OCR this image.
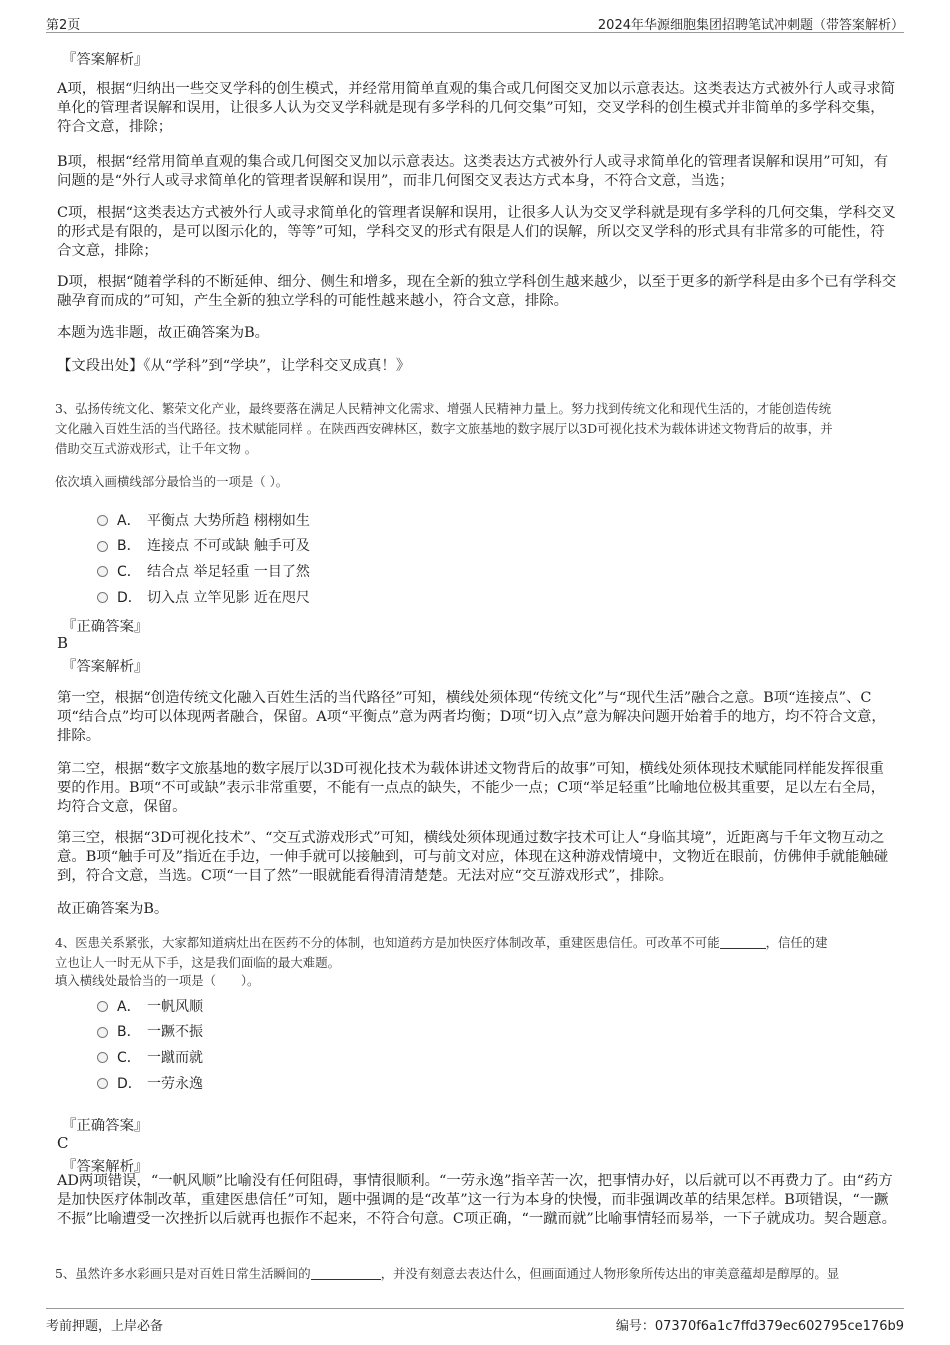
第2页	2024年华源细胞集团招聘笔试冲刺题（带答案解析）
『答案解析』
A项，根据“归纳出一些交叉学科的创生模式，并经常用简单直观的集合或几何图交叉加以示意表达。这类表达方式被外行人或寻求简单化的管理者误解和误用，让很多人认为交叉学科就是现有多学科的几何交集”可知，交叉学科的创生模式并非简单的多学科交集，符合文意，排除；
B项，根据“经常用简单直观的集合或几何图交叉加以示意表达。这类表达方式被外行人或寻求简单化的管理者误解和误用”可知，有问题的是“外行人或寻求简单化的管理者误解和误用”，而非几何图交叉表达方式本身，不符合文意，当选；
C项，根据“这类表达方式被外行人或寻求简单化的管理者误解和误用，让很多人认为交叉学科就是现有多学科的几何交集，学科交叉的形式是有限的，是可以图示化的，等等”可知，学科交叉的形式有限是人们的误解，所以交叉学科的形式具有非常多的可能性，符合文意，排除；
D项，根据“随着学科的不断延伸、细分、侧生和增多，现在全新的独立学科创生越来越少，以至于更多的新学科是由多个已有学科交融孕育而成的”可知，产生全新的独立学科的可能性越来越小，符合文意，排除。
本题为选非题，故正确答案为B。
【文段出处】《从“学科”到“学块”，让学科交叉成真！》
3、弘扬传统文化、繁荣文化产业，最终要落在满足人民精神文化需求、增强人民精神力量上。努力找到传统文化和现代生活的，才能创造传统
文化融入百姓生活的当代路径。技术赋能同样 。在陕西西安碑林区，数字文旅基地的数字展厅以3D可视化技术为载体讲述文物背后的故事，并
借助交互式游戏形式，让千年文物 。
依次填入画横线部分最恰当的一项是（ ）。
A． 平衡点 大势所趋 栩栩如生
B． 连接点 不可或缺 触手可及
C． 结合点 举足轻重 一目了然
D． 切入点 立竿见影 近在咫尺
『正确答案』
B
『答案解析』
第一空，根据“创造传统文化融入百姓生活的当代路径”可知，横线处须体现“传统文化”与“现代生活”融合之意。B项“连接点”、C项“结合点”均可以体现两者融合，保留。A项“平衡点”意为两者均衡；D项“切入点”意为解决问题开始着手的地方，均不符合文意，排除。
第二空，根据“数字文旅基地的数字展厅以3D可视化技术为载体讲述文物背后的故事”可知，横线处须体现技术赋能同样能发挥很重要的作用。B项“不可或缺”表示非常重要，不能有一点点的缺失，不能少一点；C项“举足轻重”比喻地位极其重要，足以左右全局，均符合文意，保留。
第三空，根据“3D可视化技术”、“交互式游戏形式”可知，横线处须体现通过数字技术可让人“身临其境”，近距离与千年文物互动之意。B项“触手可及”指近在手边，一伸手就可以接触到，可与前文对应，体现在这种游戏情境中，文物近在眼前，仿佛伸手就能触碰到，符合文意，当选。C项“一目了然”一眼就能看得清清楚楚。无法对应“交互游戏形式”，排除。
故正确答案为B。
4、医患关系紧张，大家都知道病灶出在医药不分的体制，也知道药方是加快医疗体制改革，重建医患信任。可改革不可能	，信任的建
立也让人一时无从下手，这是我们面临的最大难题。
填入横线处最恰当的一项是（　　）。
A． 一帆风顺
B． 一蹶不振
C． 一蹴而就
D． 一劳永逸
『正确答案』
C
『答案解析』
AD两项错误，“一帆风顺”比喻没有任何阻碍，事情很顺利。“一劳永逸”指辛苦一次，把事情办好，以后就可以不再费力了。由“药方是加快医疗体制改革，重建医患信任”可知，题中强调的是“改革”这一行为本身的快慢，而非强调改革的结果怎样。B项错误，“一蹶不振”比喻遭受一次挫折以后就再也振作不起来，不符合句意。C项正确，“一蹴而就”比喻事情轻而易举，一下子就成功。契合题意。
5、虽然许多水彩画只是对百姓日常生活瞬间的	，并没有刻意去表达什么，但画面通过人物形象所传达出的审美意蕴却是醇厚的。显
考前押题，上岸必备	编号：07370f6a1c7ffd379ec602795ce176b9
